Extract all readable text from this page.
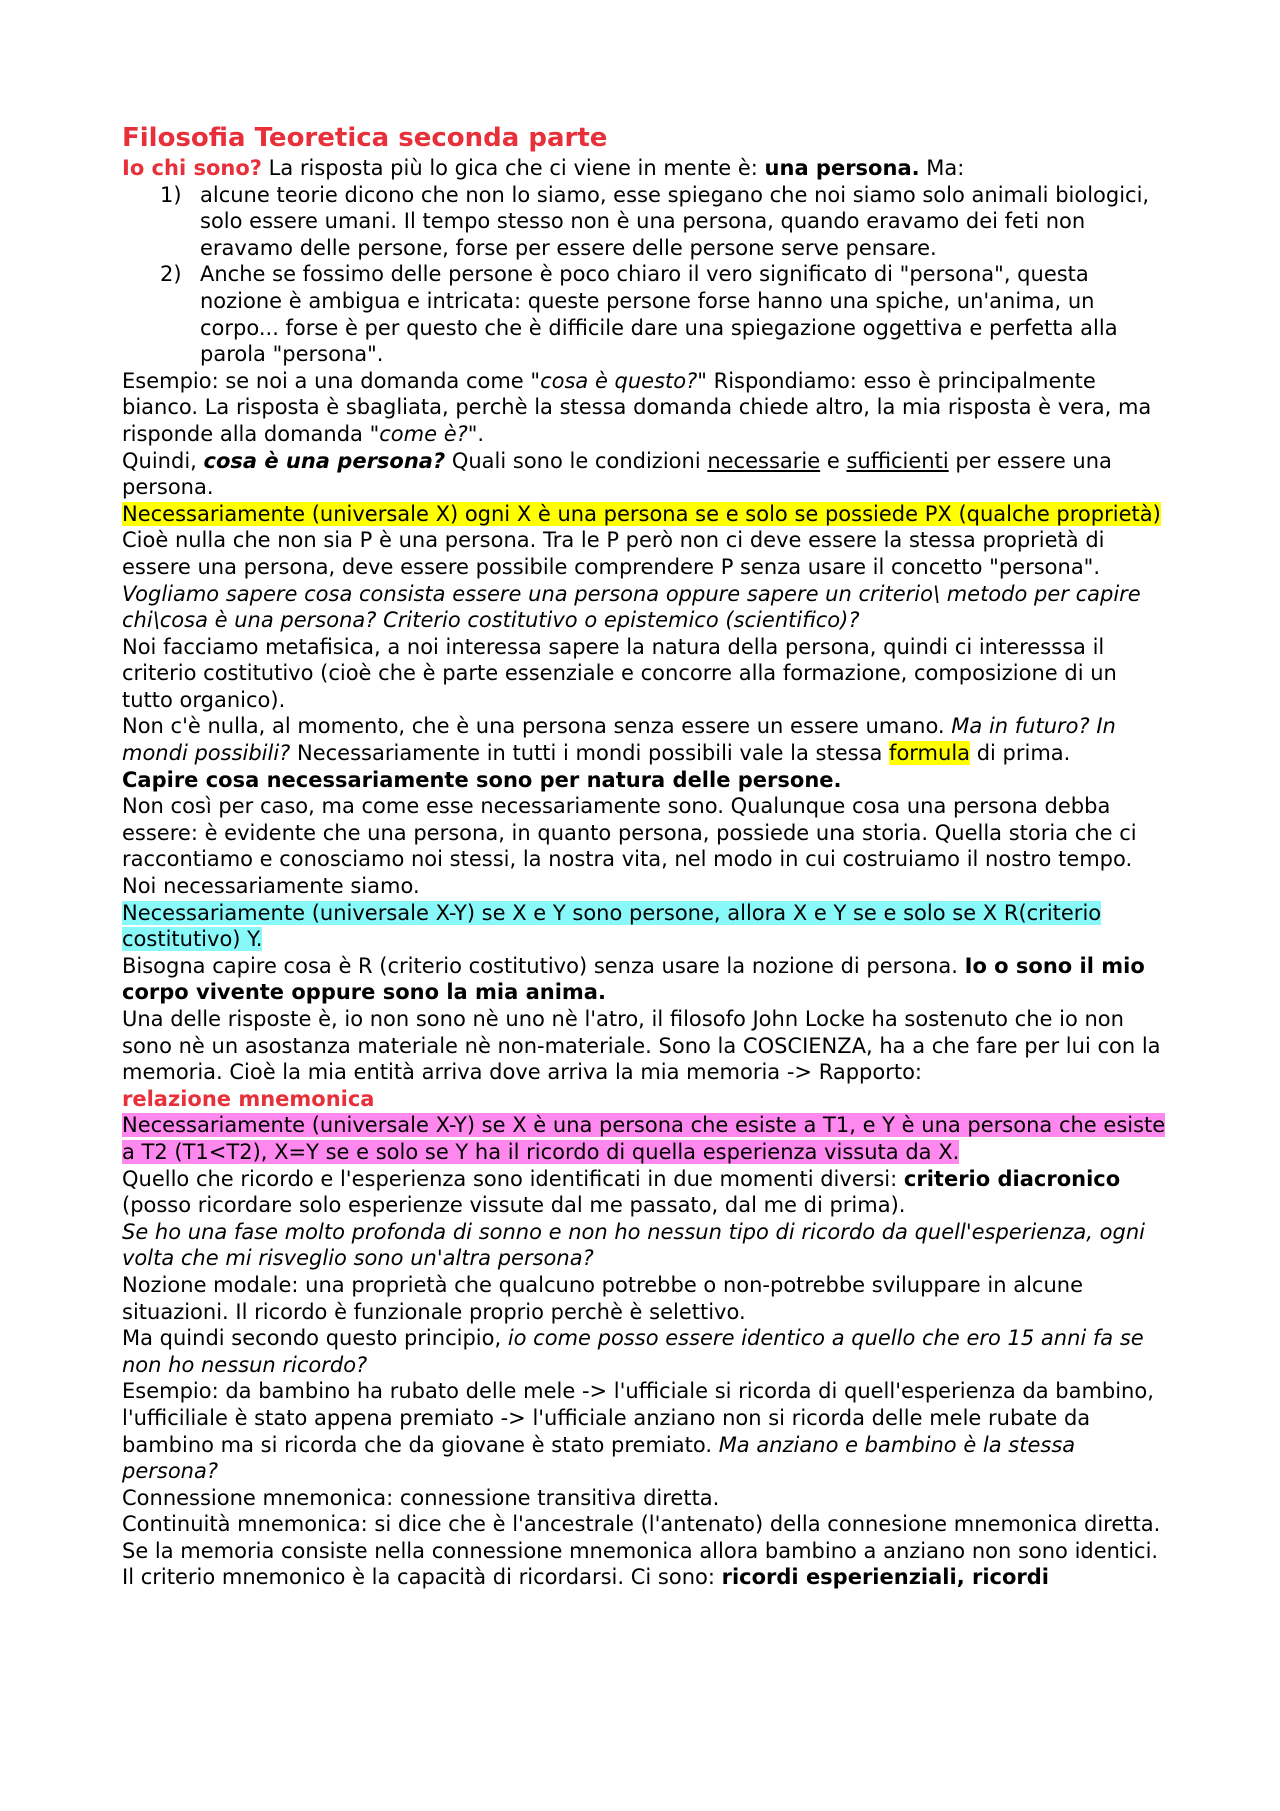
Filosofia Teoretica seconda parte

Io chi sono? La risposta più lo gica che ci viene in mente è: una persona. Ma:

1) alcune teorie dicono che non lo siamo, esse spiegano che noi siamo solo animali biologici, solo essere umani. Il tempo stesso non è una persona, quando eravamo dei feti non eravamo delle persone, forse per essere delle persone serve pensare.
2) Anche se fossimo delle persone è poco chiaro il vero significato di "persona", questa nozione è ambigua e intricata: queste persone forse hanno una spiche, un'anima, un corpo... forse è per questo che è difficile dare una spiegazione oggettiva e perfetta alla parola "persona".

Esempio: se noi a una domanda come "cosa è questo?" Rispondiamo: esso è principalmente bianco. La risposta è sbagliata, perchè la stessa domanda chiede altro, la mia risposta è vera, ma risponde alla domanda "come è?".

Quindi, cosa è una persona? Quali sono le condizioni necessarie e sufficienti per essere una persona.

Necessariamente (universale X) ogni X è una persona se e solo se possiede PX (qualche proprietà)

Cioè nulla che non sia P è una persona. Tra le P però non ci deve essere la stessa proprietà di essere una persona, deve essere possibile comprendere P senza usare il concetto "persona". Vogliamo sapere cosa consista essere una persona oppure sapere un criterio\ metodo per capire chi\cosa è una persona? Criterio costitutivo o epistemico (scientifico)?

Noi facciamo metafisica, a noi interessa sapere la natura della persona, quindi ci interesssa il criterio costitutivo (cioè che è parte essenziale e concorre alla formazione, composizione di un tutto organico).

Non c'è nulla, al momento, che è una persona senza essere un essere umano. Ma in futuro? In mondi possibili? Necessariamente in tutti i mondi possibili vale la stessa formula di prima.

Capire cosa necessariamente sono per natura delle persone.

Non così per caso, ma come esse necessariamente sono. Qualunque cosa una persona debba essere: è evidente che una persona, in quanto persona, possiede una storia. Quella storia che ci raccontiamo e conosciamo noi stessi, la nostra vita, nel modo in cui costruiamo il nostro tempo. Noi necessariamente siamo.

Necessariamente (universale X-Y) se X e Y sono persone, allora X e Y se e solo se X R(criterio costitutivo) Y.

Bisogna capire cosa è R (criterio costitutivo) senza usare la nozione di persona. Io o sono il mio corpo vivente oppure sono la mia anima.

Una delle risposte è, io non sono nè uno nè l'atro, il filosofo John Locke ha sostenuto che io non sono nè un asostanza materiale nè non-materiale. Sono la COSCIENZA, ha a che fare per lui con la memoria. Cioè la mia entità arriva dove arriva la mia memoria -> Rapporto:

relazione mnemonica

Necessariamente (universale X-Y) se X è una persona che esiste a T1, e Y è una persona che esiste a T2 (T1<T2), X=Y se e solo se Y ha il ricordo di quella esperienza vissuta da X.

Quello che ricordo e l'esperienza sono identificati in due momenti diversi: criterio diacronico (posso ricordare solo esperienze vissute dal me passato, dal me di prima).

Se ho una fase molto profonda di sonno e non ho nessun tipo di ricordo da quell'esperienza, ogni volta che mi risveglio sono un'altra persona?

Nozione modale: una proprietà che qualcuno potrebbe o non-potrebbe sviluppare in alcune situazioni. Il ricordo è funzionale proprio perchè è selettivo.

Ma quindi secondo questo principio, io come posso essere identico a quello che ero 15 anni fa se non ho nessun ricordo?

Esempio: da bambino ha rubato delle mele -> l'ufficiale si ricorda di quell'esperienza da bambino, l'ufficiliale è stato appena premiato -> l'ufficiale anziano non si ricorda delle mele rubate da bambino ma si ricorda che da giovane è stato premiato. Ma anziano e bambino è la stessa persona?

Connessione mnemonica: connessione transitiva diretta.

Continuità mnemonica: si dice che è l'ancestrale (l'antenato) della connesione mnemonica diretta.

Se la memoria consiste nella connessione mnemonica allora bambino a anziano non sono identici.

Il criterio mnemonico è la capacità di ricordarsi. Ci sono: ricordi esperienziali, ricordi
